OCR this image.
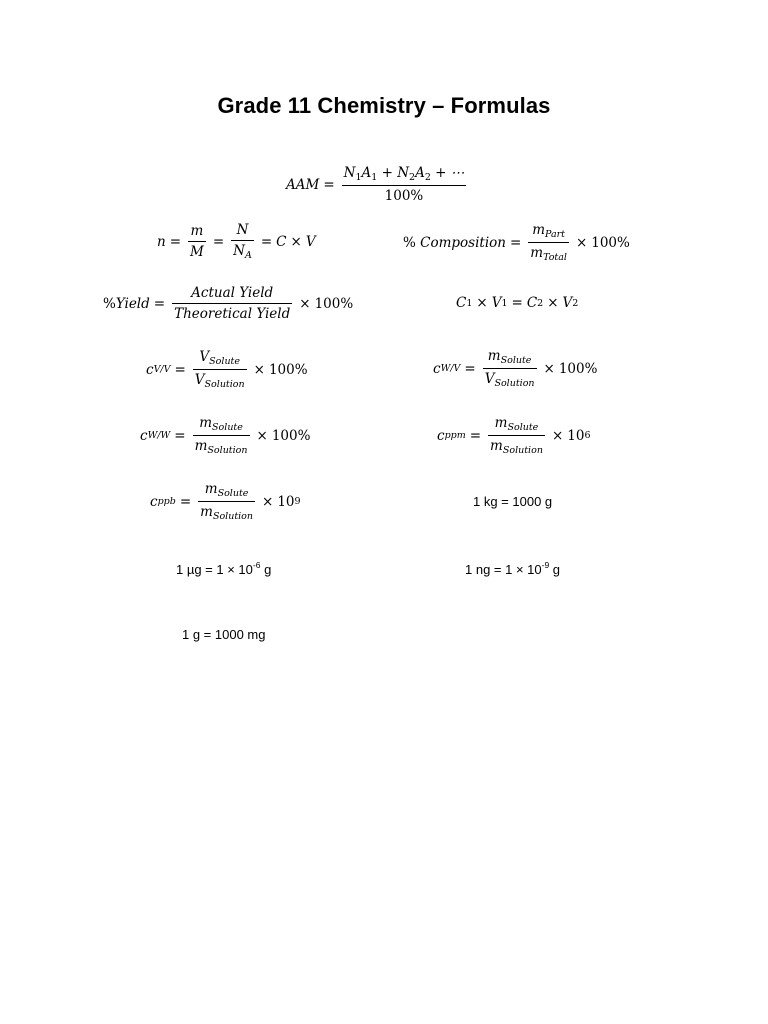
Grade 11 Chemistry – Formulas
AAM = $\frac{N_1A_1 + N_2A_2 + \cdots}{100\%}$
$n = \frac{m}{M} = \frac{N}{N_A} = C \times V$	%
Composition = $\frac{m_{Part}}{m_{Total}} \times 100\%$
% Yield = $\frac{\text{Actual Yield}}{\text{Theoretical Yield}} \times 100\%$	C 1 × V 1 = C 2 × V 2
c $V/V = \frac{V_{Solute}}{V_{Solution}} \times 100\%$	c $W/V = \frac{m_{Solute}}{V_{Solution}} \times 100\%$
c $W/W = \frac{m_{Solute}}{m_{Solution}} \times 100\%$	c ppm = $\frac{m_{Solute}}{m_{Solution}} \times 10$ 6
c ppb = $\frac{m_{Solute}}{m_{Solution}} \times 10$ 9	1 kg = 1000 g
1 $\mu g = 1 \times 10^{-6}$ g	1 ng = $1 \times 10^{-9}$ g
1 g = 1000 mg
